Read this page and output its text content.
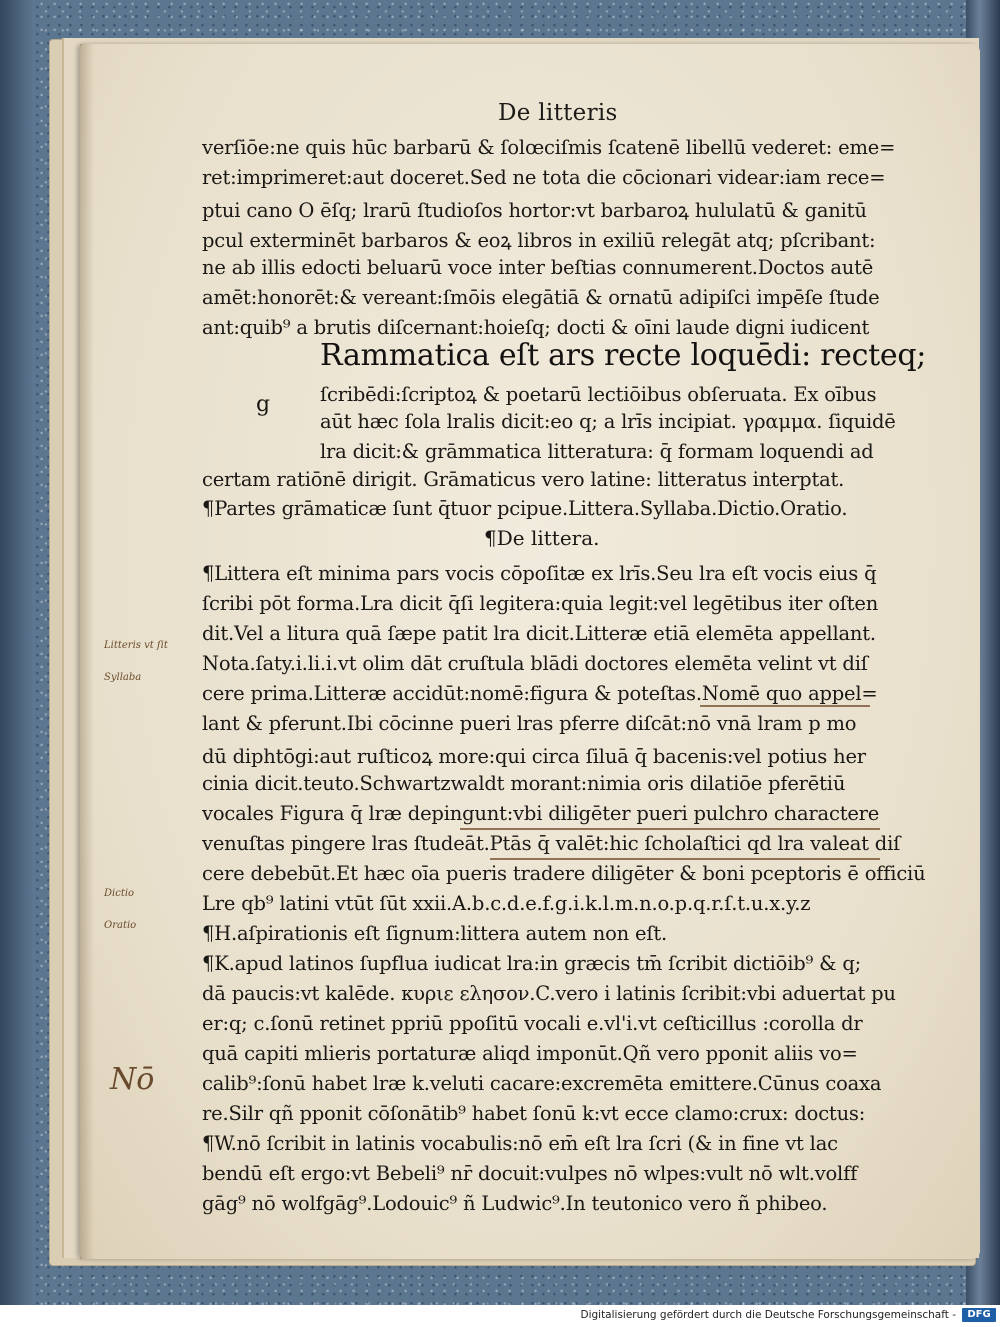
De litteris
verſiōe:ne quis hūc barbarū & ſolœciſmis ſcatenē libellū vederet: eme=
ret:imprimeret:aut doceret.Sed ne tota die cōcionari videar:iam rece=
ptui cano O ēſq; lrarū ſtudioſos hortor:vt barbaroꝝ hululatū & ganitū
pcul exterminēt barbaros & eoꝝ libros in exiliū relegāt atq; pſcribant:
ne ab illis edocti beluarū voce inter beſtias connumerent.Doctos autē
amēt:honorēt:& vereant:ſmōis elegātiā & ornatū adipiſci impēſe ſtude
ant:quib⁹ a brutis diſcernant:hoieſq; docti & oīni laude digni iudicent
g
Rammatica eſt ars recte loquēdi: recteq;
ſcribēdi:ſcriptoꝝ & poetarū lectiōibus obſeruata. Ex oībus
aūt hæc ſola lralis dicit:eo q; a lrīs incipiat. γραμμα. ſiquidē
lra dicit:& grāmmatica litteratura: q̄ formam loquendi ad
certam ratiōnē dirigit. Grāmaticus vero latine: litteratus interptat.
¶Partes grāmaticæ ſunt q̄tuor pcipue.Littera.Syllaba.Dictio.Oratio.
¶De littera.
¶Littera eſt minima pars vocis cōpoſitæ ex lrīs.Seu lra eſt vocis eius q̄
ſcribi pōt forma.Lra dicit q̄ſi legitera:quia legit:vel legētibus iter oſten
dit.Vel a litura quā ſæpe patit lra dicit.Litteræ etiā elemēta appellant.
Nota.ſaty.i.li.i.vt olim dāt cruſtula blādi doctores elemēta velint vt diſ
cere prima.Litteræ accidūt:nomē:figura & poteſtas.Nomē quo appel=
lant & pferunt.Ibi cōcinne pueri lras pferre diſcāt:nō vnā lram p mo
dū diphtōgi:aut ruſticoꝝ more:qui circa ſiluā q̄ bacenis:vel potius her
cinia dicit.teuto.Schwartzwaldt morant:nimia oris dilatiōe pferētiū
vocales Figura q̄ lræ depingunt:vbi diligēter pueri pulchro charactere
venuſtas pingere lras ſtudeāt.Ptās q̄ valēt:hic ſcholaſtici qd lra valeat diſ
cere debebūt.Et hæc oīa pueris tradere diligēter & boni pceptoris ē officiū
Lre qb⁹ latini vtūt ſūt xxii.A.b.c.d.e.f.g.i.k.l.m.n.o.p.q.r.ſ.t.u.x.y.z
¶H.aſpirationis eſt ſignum:littera autem non eſt.
¶K.apud latinos ſupflua iudicat lra:in græcis tm̄ ſcribit dictiōib⁹ & q;
dā paucis:vt kalēde. κυριε ελησον.C.vero i latinis ſcribit:vbi aduertat pu
er:q; c.ſonū retinet ppriū ppoſitū vocali e.vl'i.vt ceſticillus :corolla dr
quā capiti mlieris portaturæ aliqd imponūt.Qñ vero pponit aliis vo=
calib⁹:ſonū habet lræ k.veluti cacare:excremēta emittere.Cūnus coaxa
re.Silr qñ pponit cōſonātib⁹ habet ſonū k:vt ecce clamo:crux: doctus:
¶W.nō ſcribit in latinis vocabulis:nō em̄ eſt lra ſcri (& in fine vt lac
bendū eſt ergo:vt Bebeli⁹ nr̄ docuit:vulpes nō wlpes:vult nō wlt.volff
gāg⁹ nō wolfgāg⁹.Lodouic⁹ ñ Ludwic⁹.In teutonico vero ñ phibeo.
Litteris vt ſit
Syllaba
Dictio
Oratio
Nō
Digitalisierung gefördert durch die Deutsche Forschungsgemeinschaft -	DFG
